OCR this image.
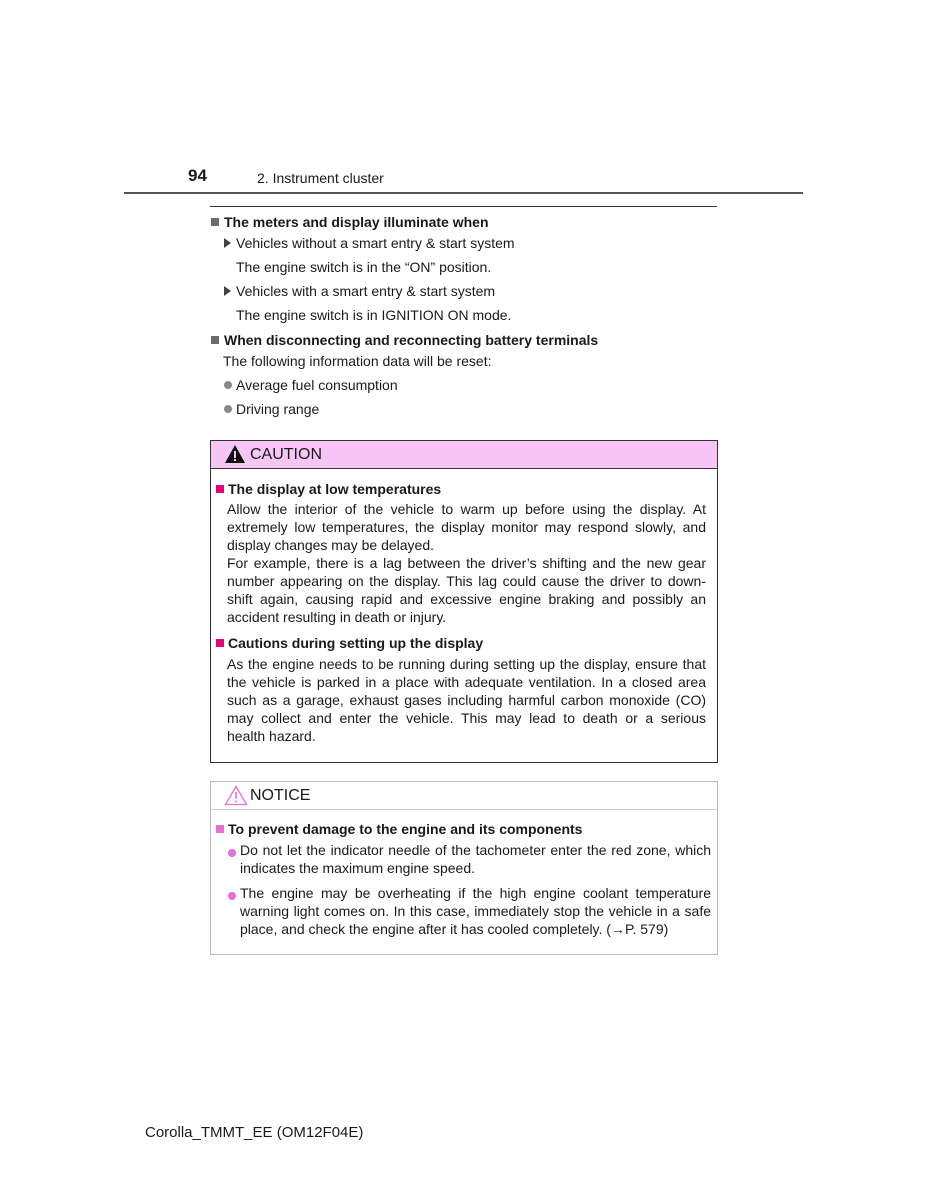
94	2. Instrument cluster
The meters and display illuminate when
Vehicles without a smart entry & start system
The engine switch is in the “ON” position.
Vehicles with a smart entry & start system
The engine switch is in IGNITION ON mode.
When disconnecting and reconnecting battery terminals
The following information data will be reset:
Average fuel consumption
Driving range
CAUTION
The display at low temperatures
Allow the interior of the vehicle to warm up before using the display. At
extremely low temperatures, the display monitor may respond slowly, and
display changes may be delayed.
For example, there is a lag between the driver’s shifting and the new gear
number appearing on the display. This lag could cause the driver to down-
shift again, causing rapid and excessive engine braking and possibly an
accident resulting in death or injury.
Cautions during setting up the display
As the engine needs to be running during setting up the display, ensure that
the vehicle is parked in a place with adequate ventilation. In a closed area
such as a garage, exhaust gases including harmful carbon monoxide (CO)
may collect and enter the vehicle. This may lead to death or a serious
health hazard.
NOTICE
To prevent damage to the engine and its components
Do not let the indicator needle of the tachometer enter the red zone, which
indicates the maximum engine speed.
The engine may be overheating if the high engine coolant temperature
warning light comes on. In this case, immediately stop the vehicle in a safe
place, and check the engine after it has cooled completely. (→P. 579)
Corolla_TMMT_EE (OM12F04E)
